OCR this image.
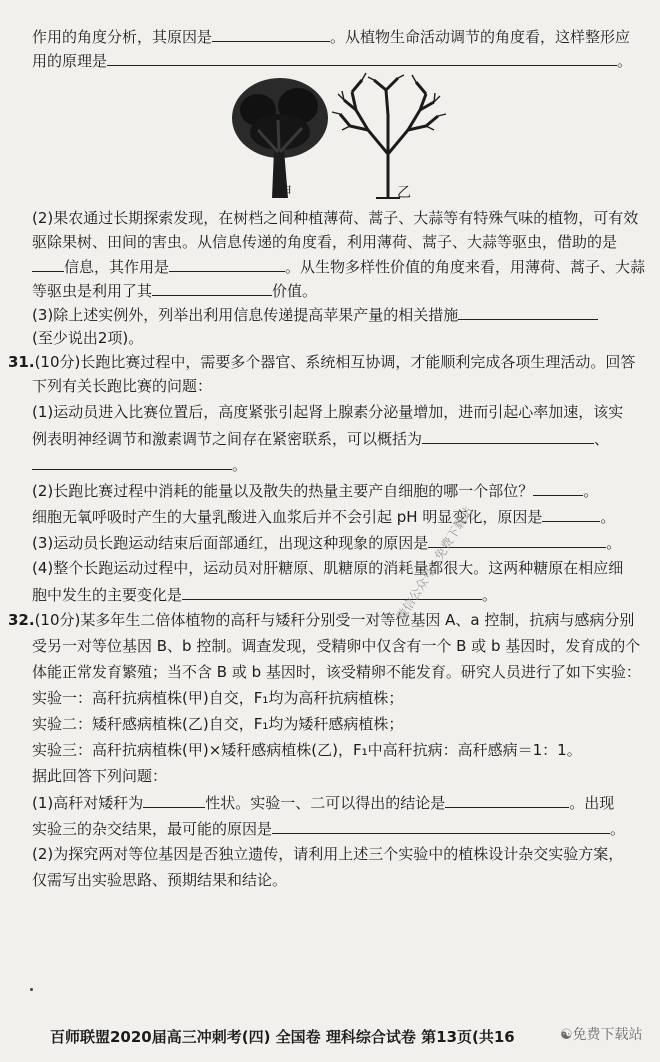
作用的角度分析，其原因是	。从植物生命活动调节的角度看，这样整形应
用的原理是	。
甲	乙
(2)果农通过长期探索发现，在树档之间种植薄荷、蒿子、大蒜等有特殊气味的植物，可有效
驱除果树、田间的害虫。从信息传递的角度看，利用薄荷、蒿子、大蒜等驱虫，借助的是
信息，其作用是	。从生物多样性价值的角度来看，用薄荷、蒿子、大蒜
等驱虫是利用了其	价值。
(3)除上述实例外，列举出利用信息传递提高苹果产量的相关措施
(至少说出2项)。
31.(10分)长跑比赛过程中，需要多个器官、系统相互协调，才能顺利完成各项生理活动。回答
下列有关长跑比赛的问题：
(1)运动员进入比赛位置后，高度紧张引起肾上腺素分泌量增加，进而引起心率加速，该实
例表明神经调节和激素调节之间存在紧密联系，可以概括为	、
。
(2)长跑比赛过程中消耗的能量以及散失的热量主要产自细胞的哪一个部位？	。
细胞无氧呼吸时产生的大量乳酸进入血浆后并不会引起 pH 明显变化，原因是	。
(3)运动员长跑运动结束后面部通红，出现这种现象的原因是	。
(4)整个长跑运动过程中，运动员对肝糖原、肌糖原的消耗量都很大。这两种糖原在相应细
胞中发生的主要变化是	。
32.(10分)某多年生二倍体植物的高秆与矮秆分别受一对等位基因 A、a 控制，抗病与感病分别
受另一对等位基因 B、b 控制。调查发现，受精卵中仅含有一个 B 或 b 基因时，发育成的个
体能正常发育繁殖；当不含 B 或 b 基因时，该受精卵不能发育。研究人员进行了如下实验：
实验一：高秆抗病植株(甲)自交，F₁均为高秆抗病植株；
实验二：矮秆感病植株(乙)自交，F₁均为矮秆感病植株；
实验三：高秆抗病植株(甲)×矮秆感病植株(乙)，F₁中高秆抗病：高秆感病＝1：1。
据此回答下列问题：
(1)高秆对矮秆为	性状。实验一、二可以得出的结论是	。出现
实验三的杂交结果，最可能的原因是	。
(2)为探究两对等位基因是否独立遗传，请利用上述三个实验中的植株设计杂交实验方案，
仅需写出实验思路、预期结果和结论。
微信公众号：免费下载站
百师联盟2020届高三冲刺考(四) 全国卷 理科综合试卷 第13页(共16	☯免费下载站
